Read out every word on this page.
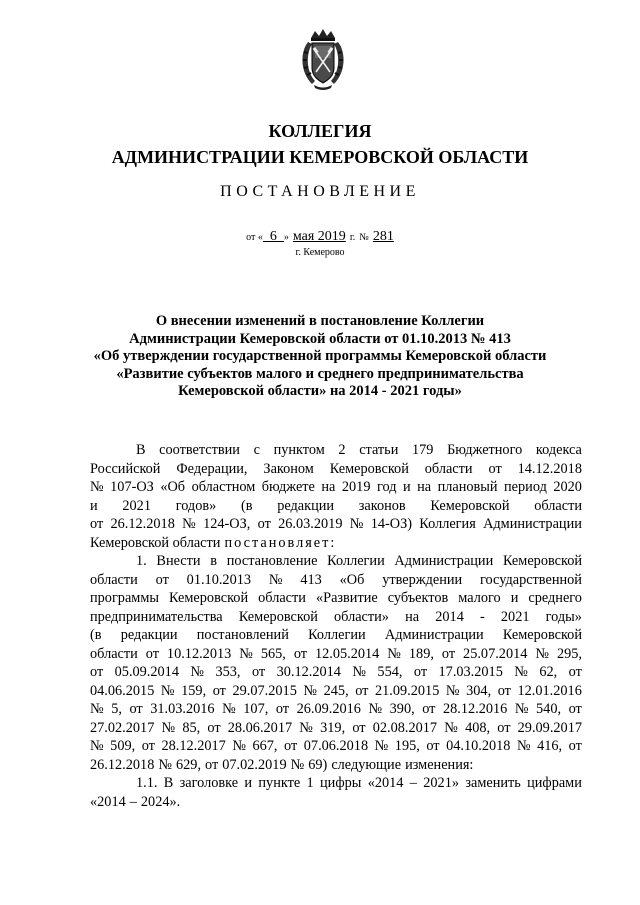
КОЛЛЕГИЯ
АДМИНИСТРАЦИИ КЕМЕРОВСКОЙ ОБЛАСТИ
ПОСТАНОВЛЕНИЕ
от « 6 » мая 2019 г. № 281
г. Кемерово
О внесении изменений в постановление Коллегии
Администрации Кемеровской области от 01.10.2013 № 413
«Об утверждении государственной программы Кемеровской области
«Развитие субъектов малого и среднего предпринимательства
Кемеровской области» на 2014 - 2021 годы»
В соответствии с пунктом 2 статьи 179 Бюджетного кодекса
Российской Федерации, Законом Кемеровской области от 14.12.2018
№ 107-ОЗ «Об областном бюджете на 2019 год и на плановый период 2020
и 2021 годов» (в редакции законов Кемеровской области
от 26.12.2018 № 124-ОЗ, от 26.03.2019 № 14-ОЗ) Коллегия Администрации
Кемеровской области постановляет:
1. Внести в постановление Коллегии Администрации Кемеровской
области от 01.10.2013 № 413 «Об утверждении государственной
программы Кемеровской области «Развитие субъектов малого и среднего
предпринимательства Кемеровской области» на 2014 - 2021 годы»
(в редакции постановлений Коллегии Администрации Кемеровской
области от 10.12.2013 № 565, от 12.05.2014 № 189, от 25.07.2014 № 295,
от 05.09.2014 № 353, от 30.12.2014 № 554, от 17.03.2015 № 62, от
04.06.2015 № 159, от 29.07.2015 № 245, от 21.09.2015 № 304, от 12.01.2016
№ 5, от 31.03.2016 № 107, от 26.09.2016 № 390, от 28.12.2016 № 540, от
27.02.2017 № 85, от 28.06.2017 № 319, от 02.08.2017 № 408, от 29.09.2017
№ 509, от 28.12.2017 № 667, от 07.06.2018 № 195, от 04.10.2018 № 416, от
26.12.2018 № 629, от 07.02.2019 № 69) следующие изменения:
1.1. В заголовке и пункте 1 цифры «2014 – 2021» заменить цифрами
«2014 – 2024».
